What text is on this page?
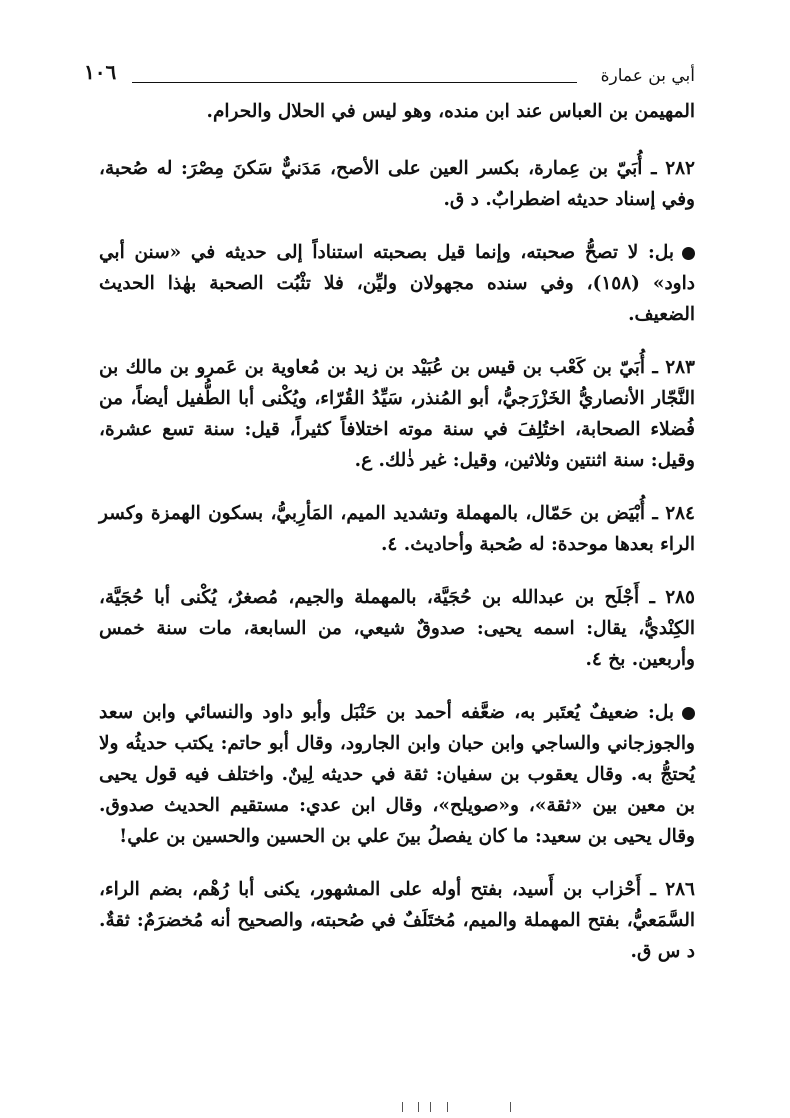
أبي بن عمارة
١٠٦

المهيمن بن العباس عند ابن منده، وهو ليس في الحلال والحرام.

٢٨٢ ـ أُبَيّ بن عِمارة، بكسر العين على الأصح، مَدَنيٌّ سَكنَ مِصْرَ: له صُحبة، وفي إسناد حديثه اضطرابٌ. د ق.

بل: لا تصحُّ صحبته، وإنما قيل بصحبته استناداً إلى حديثه في «سنن أبي داود» (١٥٨)، وفي سنده مجهولان وليِّن، فلا تثْبُت الصحبة بهٰذا الحديث الضعيف.

٢٨٣ ـ أُبَيّ بن كَعْب بن قيس بن عُبَيْد بن زيد بن مُعاوية بن عَمرو بن مالك بن النَّجّار الأنصاريُّ الخَزْرَجيُّ، أبو المُنذر، سَيِّدُ القُرّاء، ويُكْنى أبا الطُّفيل أيضاً، من فُضلاء الصحابة، اختُلِفَ في سنة موته اختلافاً كثيراً، قيل: سنة تسع عشرة، وقيل: سنة اثنتين وثلاثين، وقيل: غير ذٰلك. ع.

٢٨٤ ـ أُبْيَض بن حَمّال، بالمهملة وتشديد الميم، المَأرِبيُّ، بسكون الهمزة وكسر الراء بعدها موحدة: له صُحبة وأحاديث. ٤.

٢٨٥ ـ أَجْلَح بن عبدالله بن حُجَيَّة، بالمهملة والجيم، مُصغرٌ، يُكْنى أبا حُجَيَّة، الكِنْديُّ، يقال: اسمه يحيى: صدوقٌ شيعي، من السابعة، مات سنة خمس وأربعين. بخ ٤.

بل: ضعيفٌ يُعتَبر به، ضعَّفه أحمد بن حَنْبَل وأبو داود والنسائي وابن سعد والجوزجاني والساجي وابن حبان وابن الجارود، وقال أبو حاتم: يكتب حديثُه ولا يُحتجُّ به. وقال يعقوب بن سفيان: ثقة في حديثه لِينٌ. واختلف فيه قول يحيى بن معين بين «ثقة»، و«صويلح»، وقال ابن عدي: مستقيم الحديث صدوق. وقال يحيى بن سعيد: ما كان يفصلُ بينَ علي بن الحسين والحسين بن علي!

٢٨٦ ـ أَحْزاب بن أَسيد، بفتح أوله على المشهور، يكنى أبا رُهْم، بضم الراء، السَّمَعيُّ، بفتح المهملة والميم، مُختَلَفٌ في صُحبته، والصحيح أنه مُخضرَمٌ: ثقةٌ. د س ق.
